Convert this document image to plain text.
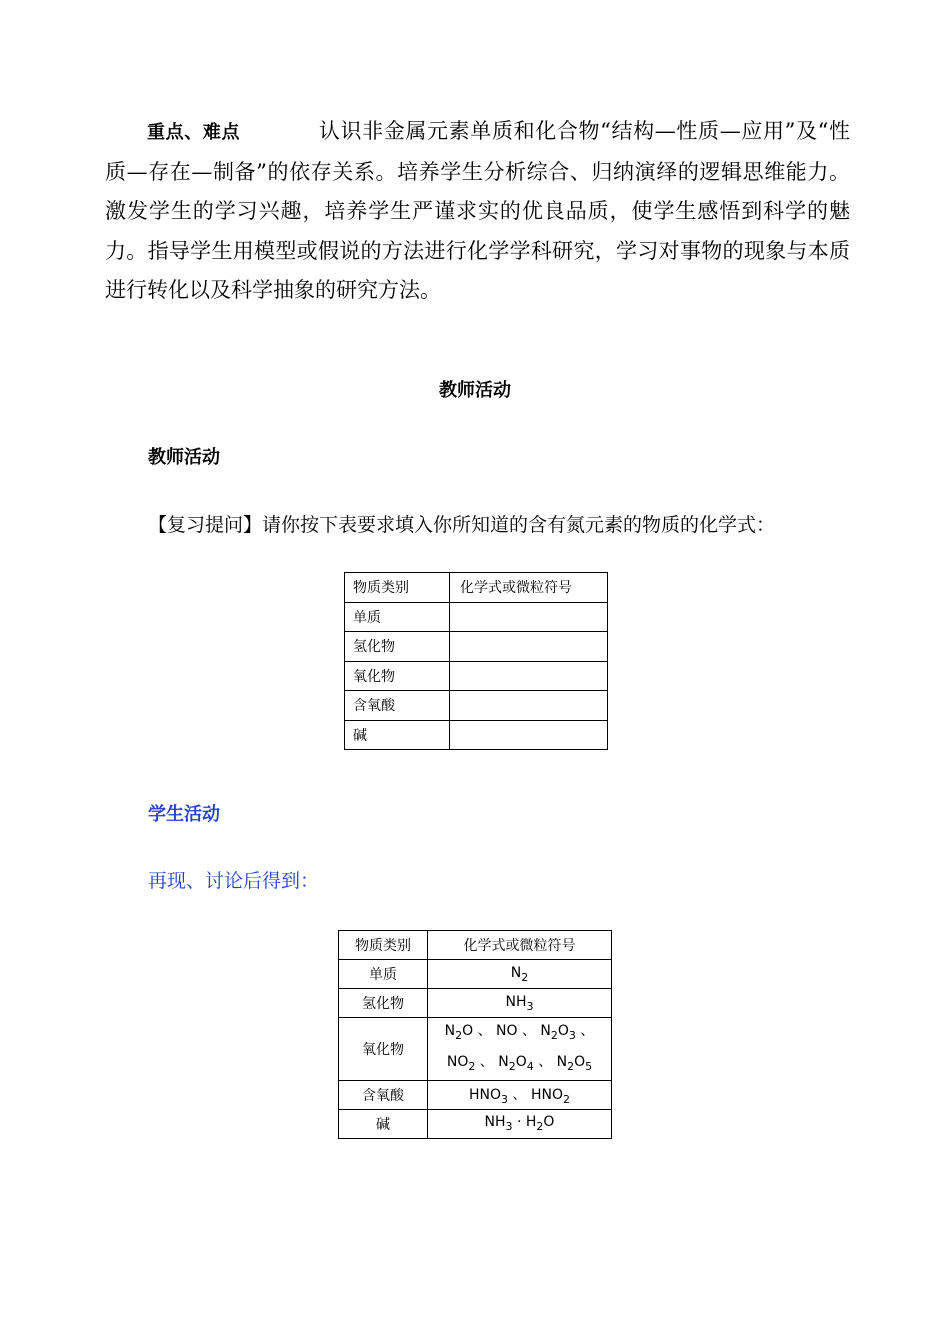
重点、难点	认识非金属元素单质和化合物“结构—性质—应用”及“性质—存在—制备”的依存关系。培养学生分析综合、归纳演绎的逻辑思维能力。激发学生的学习兴趣，培养学生严谨求实的优良品质，使学生感悟到科学的魅力。指导学生用模型或假说的方法进行化学学科研究，学习对事物的现象与本质进行转化以及科学抽象的研究方法。
教师活动
教师活动
【复习提问】请你按下表要求填入你所知道的含有氮元素的物质的化学式：
物质类别	化学式或微粒符号
单质	
氢化物	
氧化物	
含氧酸	
碱	
学生活动
再现、讨论后得到：
物质类别	化学式或微粒符号
单质	$N_2$
氢化物	$NH_3$
氧化物	$N_2O$ 、 NO 、 $N_2O_3$ 、
$NO_2$ 、 $N_2O_4$ 、 $N_2O_5$
含氧酸	$HNO_3$ 、 $HNO_2$
碱	$NH_3 \cdot H_2O$
